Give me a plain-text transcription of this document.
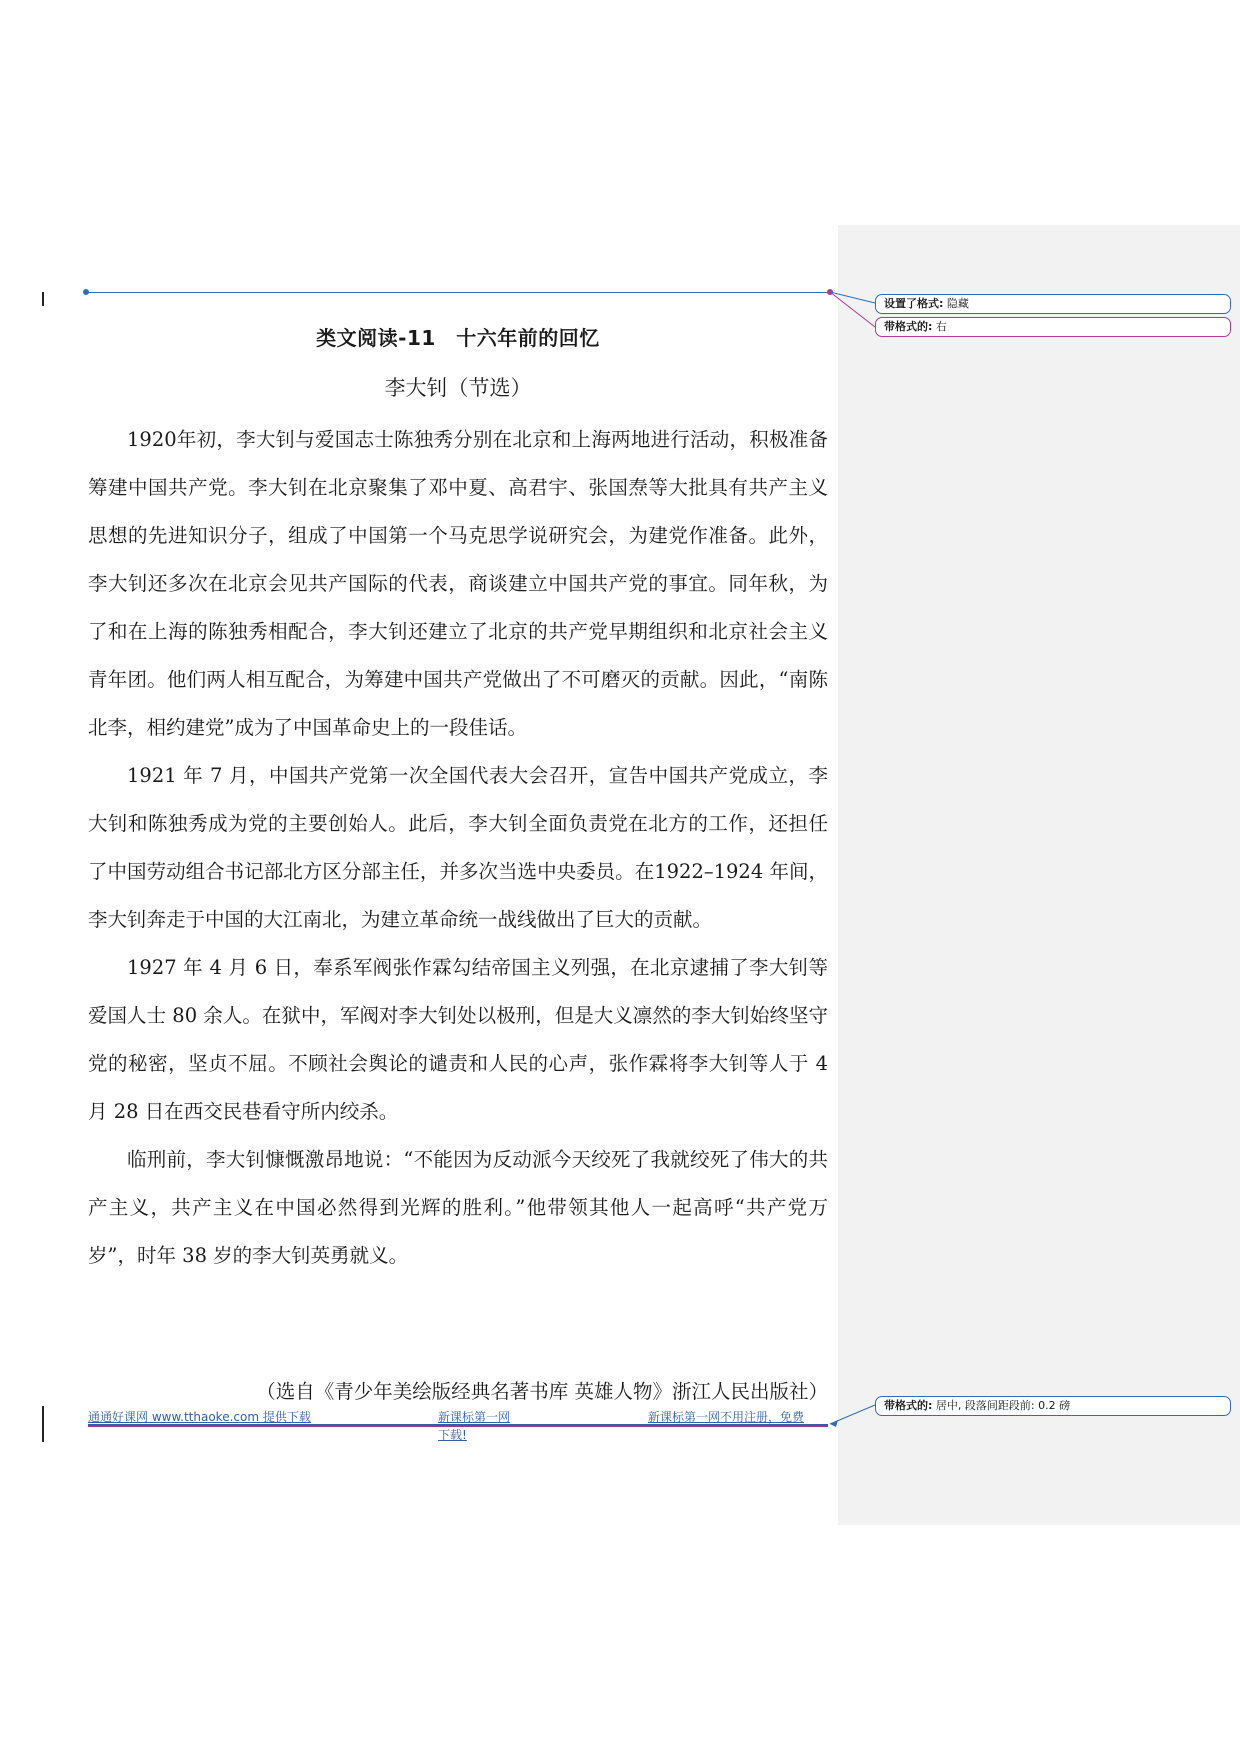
类文阅读-11　十六年前的回忆
李大钊（节选）

1920年初，李大钊与爱国志士陈独秀分别在北京和上海两地进行活动，积极准备筹建中国共产党。李大钊在北京聚集了邓中夏、高君宇、张国焘等大批具有共产主义思想的先进知识分子，组成了中国第一个马克思学说研究会，为建党作准备。此外，李大钊还多次在北京会见共产国际的代表，商谈建立中国共产党的事宜。同年秋，为了和在上海的陈独秀相配合，李大钊还建立了北京的共产党早期组织和北京社会主义青年团。他们两人相互配合，为筹建中国共产党做出了不可磨灭的贡献。因此，“南陈北李，相约建党”成为了中国革命史上的一段佳话。

1921 年 7 月，中国共产党第一次全国代表大会召开，宣告中国共产党成立，李大钊和陈独秀成为党的主要创始人。此后，李大钊全面负责党在北方的工作，还担任了中国劳动组合书记部北方区分部主任，并多次当选中央委员。在1922–1924 年间，李大钊奔走于中国的大江南北，为建立革命统一战线做出了巨大的贡献。

1927 年 4 月 6 日，奉系军阀张作霖勾结帝国主义列强，在北京逮捕了李大钊等爱国人士 80 余人。在狱中，军阀对李大钊处以极刑，但是大义凛然的李大钊始终坚守党的秘密，坚贞不屈。不顾社会舆论的谴责和人民的心声，张作霖将李大钊等人于 4 月 28 日在西交民巷看守所内绞杀。

临刑前，李大钊慷慨激昂地说：“不能因为反动派今天绞死了我就绞死了伟大的共产主义，共产主义在中国必然得到光辉的胜利。”他带领其他人一起高呼“共产党万岁”，时年 38 岁的李大钊英勇就义。

（选自《青少年美绘版经典名著书库 英雄人物》浙江人民出版社）
通通好课网 www.tthaoke.com 提供下载	新课标第一网
下载!
新课标第一网不用注册，免费
设置了格式: 隐藏
带格式的: 右
带格式的: 居中, 段落间距段前: 0.2 磅
